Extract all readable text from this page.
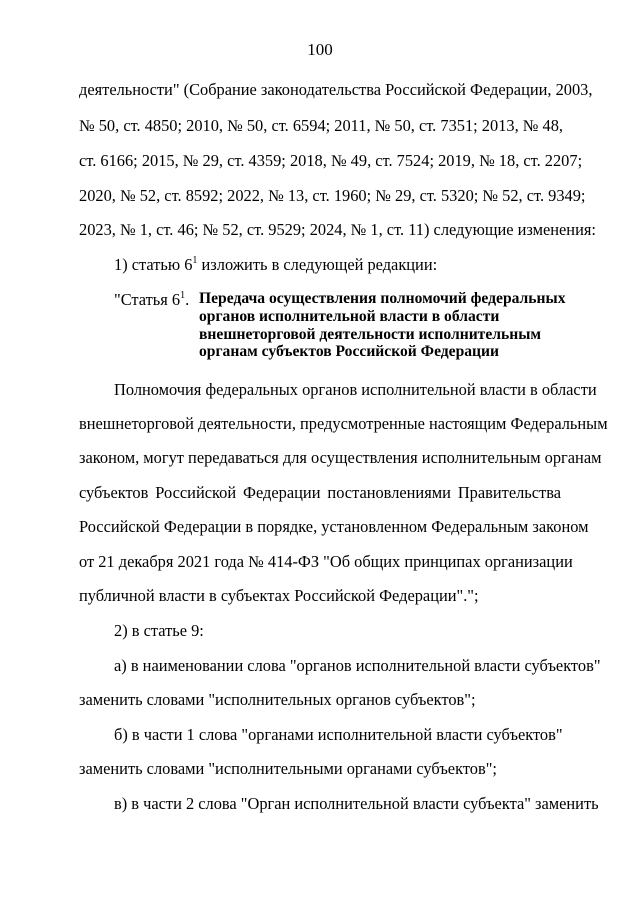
100
деятельности" (Собрание законодательства Российской Федерации, 2003,
№ 50, ст. 4850; 2010, № 50, ст. 6594; 2011, № 50, ст. 7351; 2013, № 48,
ст. 6166; 2015, № 29, ст. 4359; 2018, № 49, ст. 7524; 2019, № 18, ст. 2207;
2020, № 52, ст. 8592; 2022, № 13, ст. 1960; № 29, ст. 5320; № 52, ст. 9349;
2023, № 1, ст. 46; № 52, ст. 9529; 2024, № 1, ст. 11) следующие изменения:
1) статью $6^1$ изложить в следующей редакции:
"Статья $6^1$. Передача осуществления полномочий федеральных
органов исполнительной власти в области
внешнеторговой деятельности исполнительным
органам субъектов Российской Федерации
Полномочия федеральных органов исполнительной власти в области
внешнеторговой деятельности, предусмотренные настоящим Федеральным
законом, могут передаваться для осуществления исполнительным органам
субъектов Российской Федерации постановлениями Правительства
Российской Федерации в порядке, установленном Федеральным законом
от 21 декабря 2021 года № 414-ФЗ "Об общих принципах организации
публичной власти в субъектах Российской Федерации".";
2) в статье 9:
а) в наименовании слова "органов исполнительной власти субъектов"
заменить словами "исполнительных органов субъектов";
б) в части 1 слова "органами исполнительной власти субъектов"
заменить словами "исполнительными органами субъектов";
в) в части 2 слова "Орган исполнительной власти субъекта" заменить
